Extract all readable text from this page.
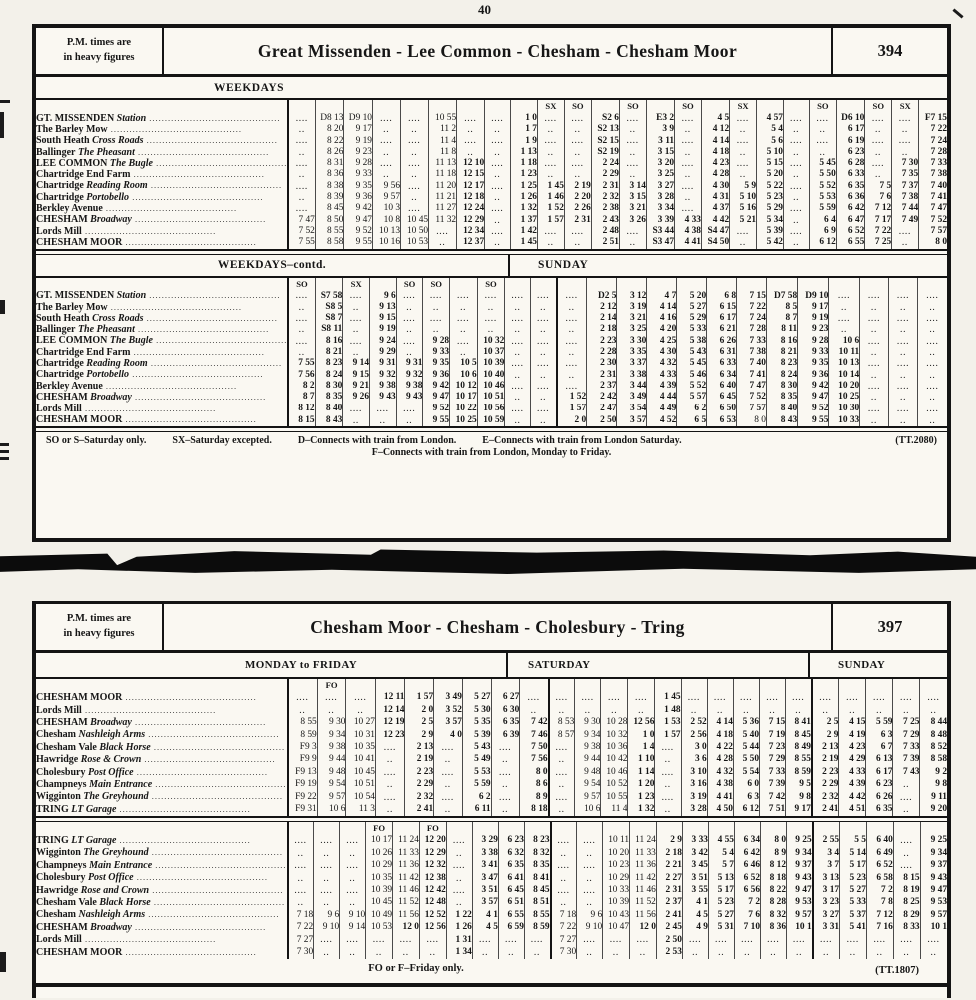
40
P.M. times are
in heavy figures	Great Missenden - Lee Common - Chesham - Chesham Moor	394
WEEKDAYS
										SX	SO		SO		SO		SX			SO		SO	SX	
GT. MISSENDEN Station .....	....	D8 13	D9 10	....	....	10 55	....	....	1 0	....	....	S2 6	....	E3 2	....	4 5	....	4 57	....	....	D6 10	....	....	F7 15
The Barley Mow .....	..	8 20	9 17	..	..	11 2	..	..	1 7	..	..	S2 13	..	3 9	..	4 12	..	5 4	..	..	6 17	..	..	7 22
South Heath Cross Roads .....	....	8 22	9 19	....	....	11 4	....	....	1 9	....	....	S2 15	....	3 11	....	4 14	....	5 6	....	....	6 19	....	....	7 24
Ballinger The Pheasant .....	..	8 26	9 23	..	..	11 8	..	..	1 13	..	..	S2 19	..	3 15	..	4 18	..	5 10	..	..	6 23	..	..	7 28
LEE COMMON The Bugle .....	....	8 31	9 28	....	....	11 13	12 10	....	1 18	....	....	2 24	....	3 20	....	4 23	....	5 15	....	5 45	6 28	....	7 30	7 33
Chartridge End Farm .....	..	8 36	9 33	..	..	11 18	12 15	..	1 23	..	..	2 29	..	3 25	..	4 28	..	5 20	..	5 50	6 33	..	7 35	7 38
Chartridge Reading Room .....	....	8 38	9 35	9 56	....	11 20	12 17	....	1 25	1 45	2 19	2 31	3 14	3 27	....	4 30	5 9	5 22	....	5 52	6 35	7 5	7 37	7 40
Chartridge Portobello .....	..	8 39	9 36	9 57	..	11 21	12 18	..	1 26	1 46	2 20	2 32	3 15	3 28	..	4 31	5 10	5 23	..	5 53	6 36	7 6	7 38	7 41
Berkley Avenue .....	....	8 45	9 42	10 3	....	11 27	12 24	....	1 32	1 52	2 26	2 38	3 21	3 34	....	4 37	5 16	5 29	....	5 59	6 42	7 12	7 44	7 47
CHESHAM Broadway .....	7 47	8 50	9 47	10 8	10 45	11 32	12 29	..	1 37	1 57	2 31	2 43	3 26	3 39	4 33	4 42	5 21	5 34	..	6 4	6 47	7 17	7 49	7 52
Lords Mill .....	7 52	8 55	9 52	10 13	10 50	....	12 34	....	1 42	....	....	2 48	....	S3 44	4 38	S4 47	....	5 39	....	6 9	6 52	7 22	....	7 57
CHESHAM MOOR .....	7 55	8 58	9 55	10 16	10 53	..	12 37	..	1 45	..	..	2 51	..	S3 47	4 41	S4 50	..	5 42	..	6 12	6 55	7 25	..	8 0
WEEKDAYS–contd.	SUNDAY
	SO		SX		SO	SO		SO															
GT. MISSENDEN Station .....	....	S7 58	....	9 6	....	....	....	....	....	....	....	D2 5	3 12	4 7	5 20	6 8	7 15	D7 58	D9 10	....	....	....	....
The Barley Mow .....	..	S8 5	..	9 13	..	..	..	..	..	..	..	2 12	3 19	4 14	5 27	6 15	7 22	8 5	9 17	..	..	..	..
South Heath Cross Roads .....	....	S8 7	....	9 15	....	....	....	....	....	....	....	2 14	3 21	4 16	5 29	6 17	7 24	8 7	9 19	....	....	....	....
Ballinger The Pheasant .....	..	S8 11	..	9 19	..	..	..	..	..	..	..	2 18	3 25	4 20	5 33	6 21	7 28	8 11	9 23	..	..	..	..
LEE COMMON The Bugle .....	....	8 16	....	9 24	....	9 28	....	10 32	....	....	....	2 23	3 30	4 25	5 38	6 26	7 33	8 16	9 28	10 6	....	....	....
Chartridge End Farm .....	..	8 21	..	9 29	..	9 33	..	10 37	..	..	..	2 28	3 35	4 30	5 43	6 31	7 38	8 21	9 33	10 11	..	..	..
Chartridge Reading Room .....	7 55	8 23	9 14	9 31	9 31	9 35	10 5	10 39	....	....	....	2 30	3 37	4 32	5 45	6 33	7 40	8 23	9 35	10 13	....	....	....
Chartridge Portobello .....	7 56	8 24	9 15	9 32	9 32	9 36	10 6	10 40	..	..	..	2 31	3 38	4 33	5 46	6 34	7 41	8 24	9 36	10 14	..	..	..
Berkley Avenue .....	8 2	8 30	9 21	9 38	9 38	9 42	10 12	10 46	....	....	....	2 37	3 44	4 39	5 52	6 40	7 47	8 30	9 42	10 20	....	....	....
CHESHAM Broadway .....	8 7	8 35	9 26	9 43	9 43	9 47	10 17	10 51	..	..	1 52	2 42	3 49	4 44	5 57	6 45	7 52	8 35	9 47	10 25	..	..	..
Lords Mill .....	8 12	8 40	....	....	....	9 52	10 22	10 56	....	....	1 57	2 47	3 54	4 49	6 2	6 50	7 57	8 40	9 52	10 30	....	....	....
CHESHAM MOOR .....	8 15	8 43	..	..	..	9 55	10 25	10 59	..	..	2 0	2 50	3 57	4 52	6 5	6 53	8 0	8 43	9 55	10 33	..	..	..
SO or S–Saturday only.	SX–Saturday excepted.	D–Connects with train from London.	E–Connects with train from London Saturday.	(TT.2080)
F–Connects with train from London, Monday to Friday.
P.M. times are
in heavy figures	Chesham Moor - Chesham - Cholesbury - Tring	397
MONDAY to FRIDAY	SATURDAY	SUNDAY
		FO																						
CHESHAM MOOR .....	....	....	....	12 11	1 57	3 49	5 27	6 27	....	....	....	....	....	1 45	....	....	....	....	....	....	....	....	....	....
Lords Mill .....	..	..	..	12 14	2 0	3 52	5 30	6 30	..	..	..	..	..	1 48	..	..	..	..	..	..	..	..	..	..
CHESHAM Broadway .....	8 55	9 30	10 27	12 19	2 5	3 57	5 35	6 35	7 42	8 53	9 30	10 28	12 56	1 53	2 52	4 14	5 36	7 15	8 41	2 5	4 15	5 59	7 25	8 44
Chesham Nashleigh Arms .....	8 59	9 34	10 31	12 23	2 9	4 0	5 39	6 39	7 46	8 57	9 34	10 32	1 0	1 57	2 56	4 18	5 40	7 19	8 45	2 9	4 19	6 3	7 29	8 48
Chesham Vale Black Horse .....	F9 3	9 38	10 35	....	2 13	....	5 43	....	7 50	....	9 38	10 36	1 4	....	3 0	4 22	5 44	7 23	8 49	2 13	4 23	6 7	7 33	8 52
Hawridge Rose & Crown .....	F9 9	9 44	10 41	..	2 19	..	5 49	..	7 56	..	9 44	10 42	1 10	..	3 6	4 28	5 50	7 29	8 55	2 19	4 29	6 13	7 39	8 58
Cholesbury Post Office .....	F9 13	9 48	10 45	....	2 23	....	5 53	....	8 0	....	9 48	10 46	1 14	....	3 10	4 32	5 54	7 33	8 59	2 23	4 33	6 17	7 43	9 2
Champneys Main Entrance .....	F9 19	9 54	10 51	..	2 29	..	5 59	..	8 6	..	9 54	10 52	1 20	..	3 16	4 38	6 0	7 39	9 5	2 29	4 39	6 23	..	9 8
Wigginton The Greyhound .....	F9 22	9 57	10 54	....	2 32	....	6 2	....	8 9	....	9 57	10 55	1 23	....	3 19	4 41	6 3	7 42	9 8	2 32	4 42	6 26	....	9 11
TRING LT Garage .....	F9 31	10 6	11 3	..	2 41	..	6 11	..	8 18	..	10 6	11 4	1 32	..	3 28	4 50	6 12	7 51	9 17	2 41	4 51	6 35	..	9 20
				FO		FO																			
TRING LT Garage .....	....	....	....	10 17	11 24	12 20	....	3 29	6 23	8 23	....	....	10 11	11 24	2 9	3 33	4 55	6 34	8 0	9 25	2 55	5 5	6 40	....	9 25
Wigginton The Greyhound .....	..	..	..	10 26	11 33	12 29	..	3 38	6 32	8 32	..	..	10 20	11 33	2 18	3 42	5 4	6 42	8 9	9 34	3 4	5 14	6 49	..	9 34
Champneys Main Entrance .....	....	....	....	10 29	11 36	12 32	....	3 41	6 35	8 35	....	....	10 23	11 36	2 21	3 45	5 7	6 46	8 12	9 37	3 7	5 17	6 52	....	9 37
Cholesbury Post Office .....	..	..	..	10 35	11 42	12 38	..	3 47	6 41	8 41	..	..	10 29	11 42	2 27	3 51	5 13	6 52	8 18	9 43	3 13	5 23	6 58	8 15	9 43
Hawridge Rose and Crown .....	....	....	....	10 39	11 46	12 42	....	3 51	6 45	8 45	....	....	10 33	11 46	2 31	3 55	5 17	6 56	8 22	9 47	3 17	5 27	7 2	8 19	9 47
Chesham Vale Black Horse .....	..	..	..	10 45	11 52	12 48	..	3 57	6 51	8 51	..	..	10 39	11 52	2 37	4 1	5 23	7 2	8 28	9 53	3 23	5 33	7 8	8 25	9 53
Chesham Nashleigh Arms .....	7 18	9 6	9 10	10 49	11 56	12 52	1 22	4 1	6 55	8 55	7 18	9 6	10 43	11 56	2 41	4 5	5 27	7 6	8 32	9 57	3 27	5 37	7 12	8 29	9 57
CHESHAM Broadway .....	7 22	9 10	9 14	10 53	12 0	12 56	1 26	4 5	6 59	8 59	7 22	9 10	10 47	12 0	2 45	4 9	5 31	7 10	8 36	10 1	3 31	5 41	7 16	8 33	10 1
Lords Mill .....	7 27	....	....	....	....	....	1 31	....	....	....	7 27	....	....	....	2 50	....	....	....	....	....	....	....	....	....	....
CHESHAM MOOR .....	7 30	..	..	..	..	..	1 34	..	..	..	7 30	..	..	..	2 53	..	..	..	..	..	..	..	..	..	..
FO or F–Friday only.	(TT.1807)
